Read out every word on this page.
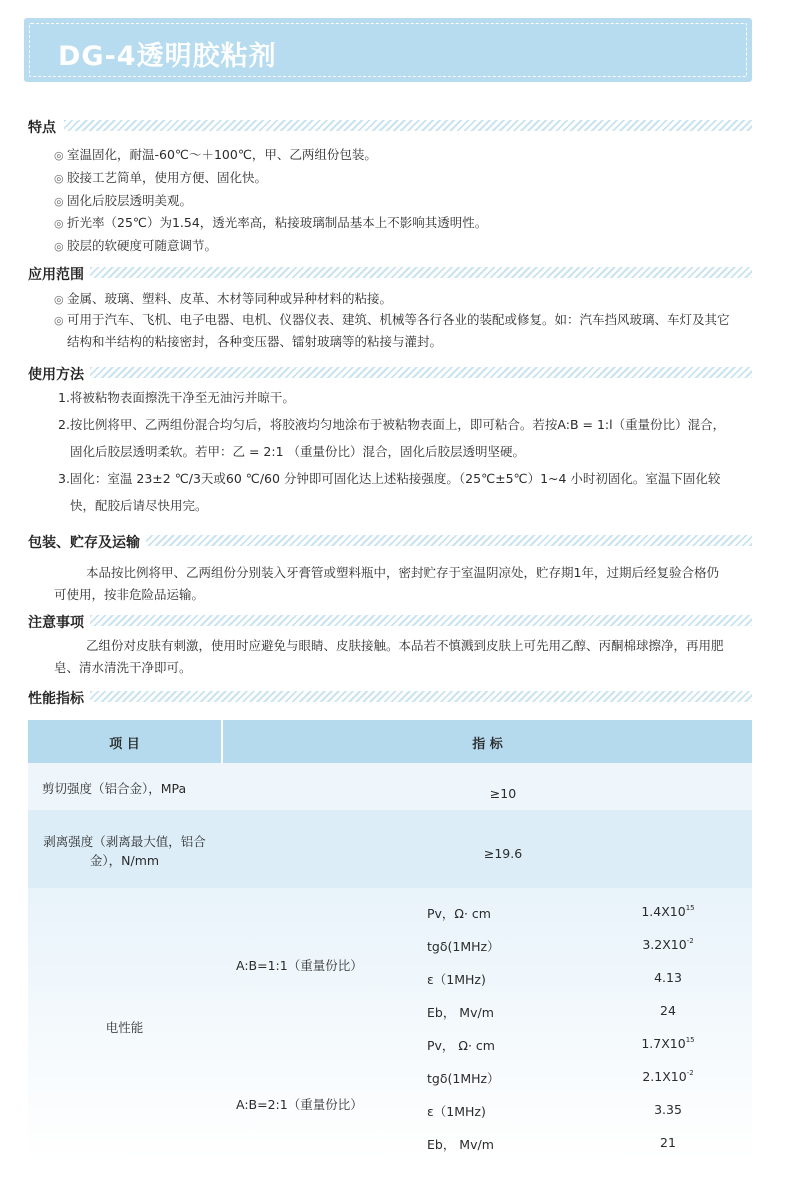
DG-4透明胶粘剂
特点
◎ 室温固化，耐温-60℃～＋100℃，甲、乙两组份包装。
◎ 胶接工艺简单，使用方便、固化快。
◎ 固化后胶层透明美观。
◎ 折光率（25℃）为1.54，透光率高，粘接玻璃制品基本上不影响其透明性。
◎ 胶层的软硬度可随意调节。
应用范围
◎ 金属、玻璃、塑料、皮革、木材等同种或异种材料的粘接。
◎ 可用于汽车、飞机、电子电器、电机、仪器仪表、建筑、机械等各行各业的装配或修复。如：汽车挡风玻璃、车灯及其它
结构和半结构的粘接密封，各种变压器、镭射玻璃等的粘接与灌封。
使用方法
1.将被粘物表面擦洗干净至无油污并晾干。
2.按比例将甲、乙两组份混合均匀后，将胶液均匀地涂布于被粘物表面上，即可粘合。若按A:B = 1:l（重量份比）混合，
固化后胶层透明柔软。若甲：乙 = 2:1 （重量份比）混合，固化后胶层透明坚硬。
3.固化：室温 23±2 ℃/3天或60 ℃/60 分钟即可固化达上述粘接强度。（25℃±5℃）1~4 小时初固化。室温下固化较
快，配胶后请尽快用完。
包装、贮存及运输
本品按比例将甲、乙两组份分别装入牙膏管或塑料瓶中，密封贮存于室温阴凉处，贮存期1年，过期后经复验合格仍
可使用，按非危险品运输。
注意事项
乙组份对皮肤有刺激，使用时应避免与眼睛、皮肤接触。本品若不慎溅到皮肤上可先用乙醇、丙酮棉球擦净，再用肥
皂、清水清洗干净即可。
性能指标
项 目	指 标
剪切强度（铝合金），MPa	≥10
剥离强度（剥离最大值，铝合
金），N/mm	≥19.6
电性能
A:B=1:1（重量份比）
Pv，Ω· cm	$1.4X10^{15}$
tgδ(1MHz）	$3.2X10^{-2}$
ε（1MHz)	4.13
Eb， Mv/m	24
A:B=2:1（重量份比）
Pv， Ω· cm	$1.7X10^{15}$
tgδ(1MHz）	$2.1X10^{-2}$
ε（1MHz)	3.35
Eb， Mv/m	21
